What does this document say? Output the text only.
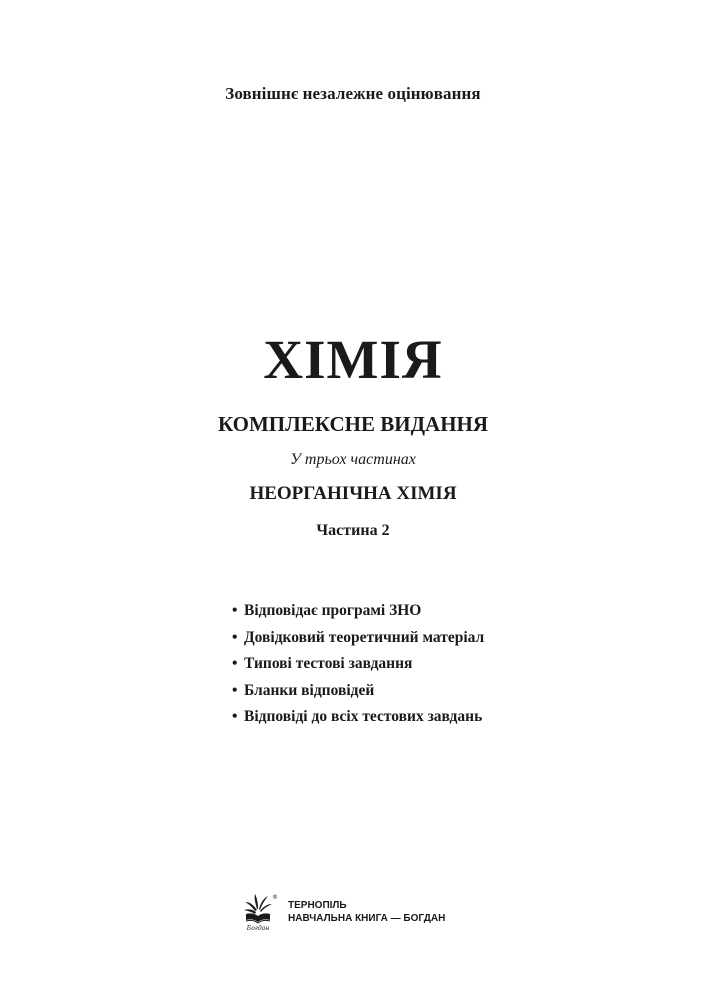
Зовнішнє незалежне оцінювання
ХІМІЯ
КОМПЛЕКСНЕ ВИДАННЯ
У трьох частинах
НЕОРГАНІЧНА ХІМІЯ
Частина 2
• Відповідає програмі ЗНО
• Довідковий теоретичний матеріал
• Типові тестові завдання
• Бланки відповідей
• Відповіді до всіх тестових завдань
Богдан
®
ТЕРНОПІЛЬ
НАВЧАЛЬНА КНИГА — БОГДАН
